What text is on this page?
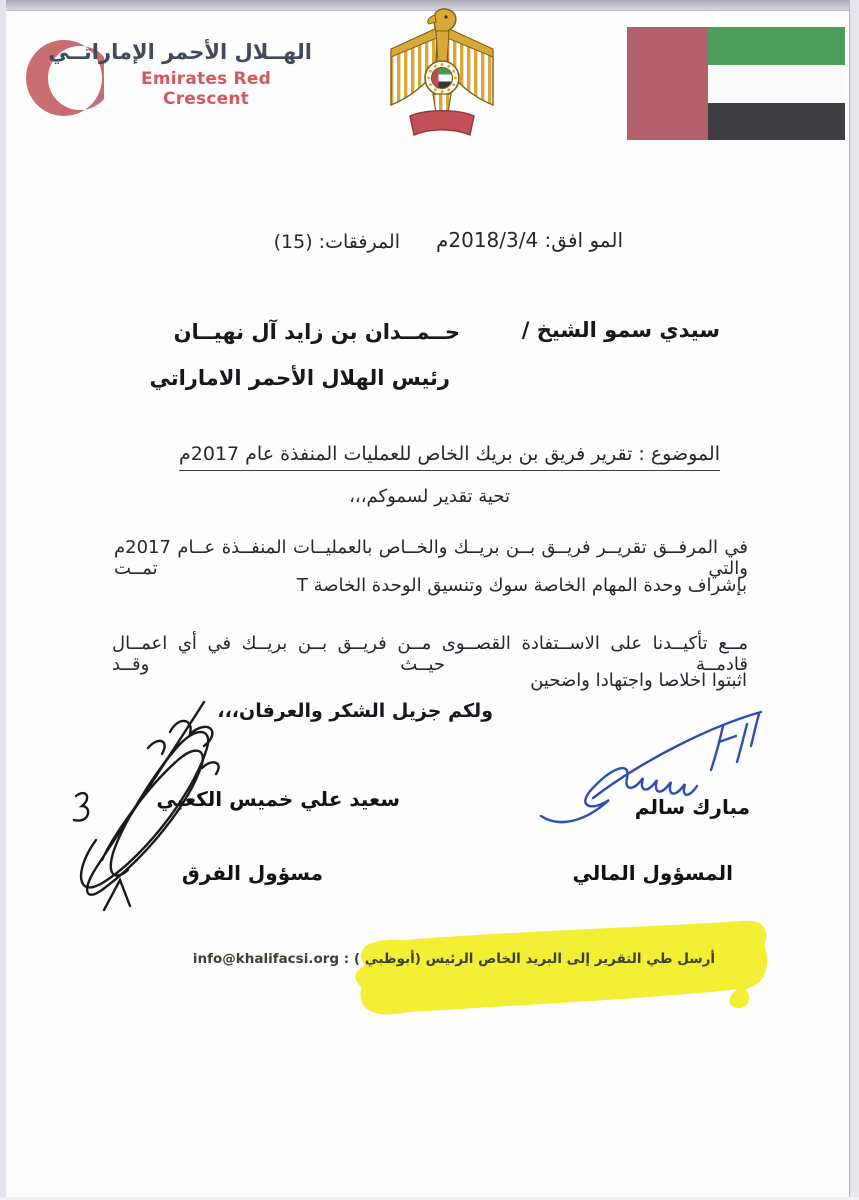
الهــلال الأحمر الإماراتــي
Emirates Red Crescent
المو افق: 2018/3/4م
المرفقات: (15)
سيدي سمو الشيخ /
حــمــدان بن زايد آل نهيــان
رئيس الهلال الأحمر الاماراتي
الموضوع : تقرير فريق بن بريك الخاص للعمليات المنفذة عام 2017م
تحية تقدير لسموكم،،،
في المرفــق تقريــر فريــق بــن بريــك والخــاص بالعمليــات المنفــذة عــام 2017م والتي تمــت
بإشراف وحدة المهام الخاصة سوك وتنسيق الوحدة الخاصة T
مــع تأكيــدنا على الاســتفادة القصــوى مــن فريــق بــن بريــك في أي اعمــال قادمــة حيــث وقــد
اثبتوا اخلاصا واجتهادا واضحين
ولكم جزيل الشكر والعرفان،،،
سعيد علي خميس الكعبي
مسؤول الفرق
مبارك سالم
المسؤول المالي
أرسل طي التقرير إلى البريد الخاص الرئيس (أبوظبي ) : info@khalifacsi.org
